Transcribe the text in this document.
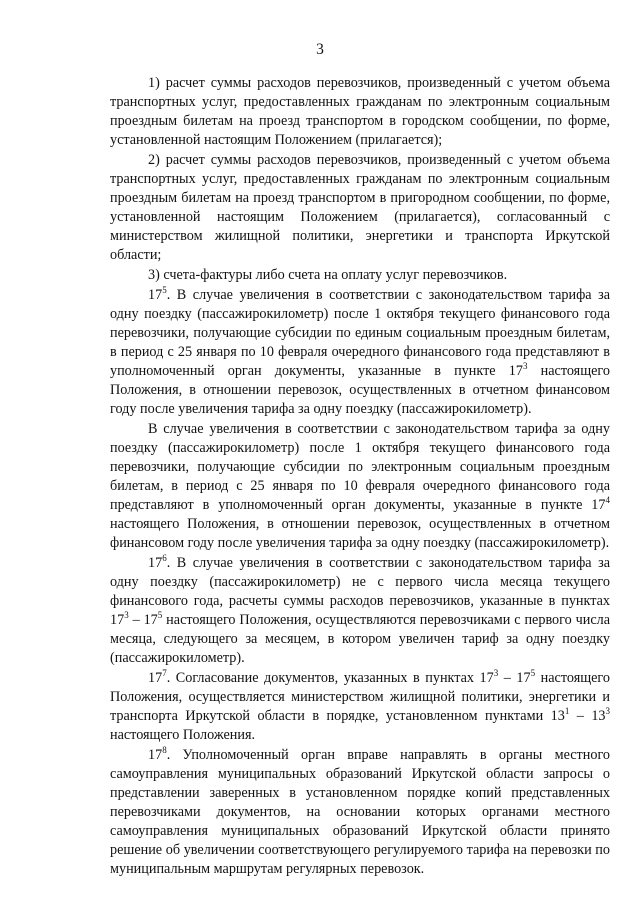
3

1) расчет суммы расходов перевозчиков, произведенный с учетом объема транспортных услуг, предоставленных гражданам по электронным социальным проездным билетам на проезд транспортом в городском сообщении, по форме, установленной настоящим Положением (прилагается);

2) расчет суммы расходов перевозчиков, произведенный с учетом объема транспортных услуг, предоставленных гражданам по электронным социальным проездным билетам на проезд транспортом в пригородном сообщении, по форме, установленной настоящим Положением (прилагается), согласованный с министерством жилищной политики, энергетики и транспорта Иркутской области;

3) счета-фактуры либо счета на оплату услуг перевозчиков.

$17^5$. В случае увеличения в соответствии с законодательством тарифа за одну поездку (пассажирокилометр) после 1 октября текущего финансового года перевозчики, получающие субсидии по единым социальным проездным билетам, в период с 25 января по 10 февраля очередного финансового года представляют в уполномоченный орган документы, указанные в пункте $17^3$ настоящего Положения, в отношении перевозок, осуществленных в отчетном финансовом году после увеличения тарифа за одну поездку (пассажирокилометр).

В случае увеличения в соответствии с законодательством тарифа за одну поездку (пассажирокилометр) после 1 октября текущего финансового года перевозчики, получающие субсидии по электронным социальным проездным билетам, в период с 25 января по 10 февраля очередного финансового года представляют в уполномоченный орган документы, указанные в пункте $17^4$ настоящего Положения, в отношении перевозок, осуществленных в отчетном финансовом году после увеличения тарифа за одну поездку (пассажирокилометр).

$17^6$. В случае увеличения в соответствии с законодательством тарифа за одну поездку (пассажирокилометр) не с первого числа месяца текущего финансового года, расчеты суммы расходов перевозчиков, указанные в пунктах $17^3 - 17^5$ настоящего Положения, осуществляются перевозчиками с первого числа месяца, следующего за месяцем, в котором увеличен тариф за одну поездку (пассажирокилометр).

$17^7$. Согласование документов, указанных в пунктах $17^3 - 17^5$ настоящего Положения, осуществляется министерством жилищной политики, энергетики и транспорта Иркутской области в порядке, установленном пунктами $13^1 - 13^3$ настоящего Положения.

$17^8$. Уполномоченный орган вправе направлять в органы местного самоуправления муниципальных образований Иркутской области запросы о представлении заверенных в установленном порядке копий представленных перевозчиками документов, на основании которых органами местного самоуправления муниципальных образований Иркутской области принято решение об увеличении соответствующего регулируемого тарифа на перевозки по муниципальным маршрутам регулярных перевозок.
